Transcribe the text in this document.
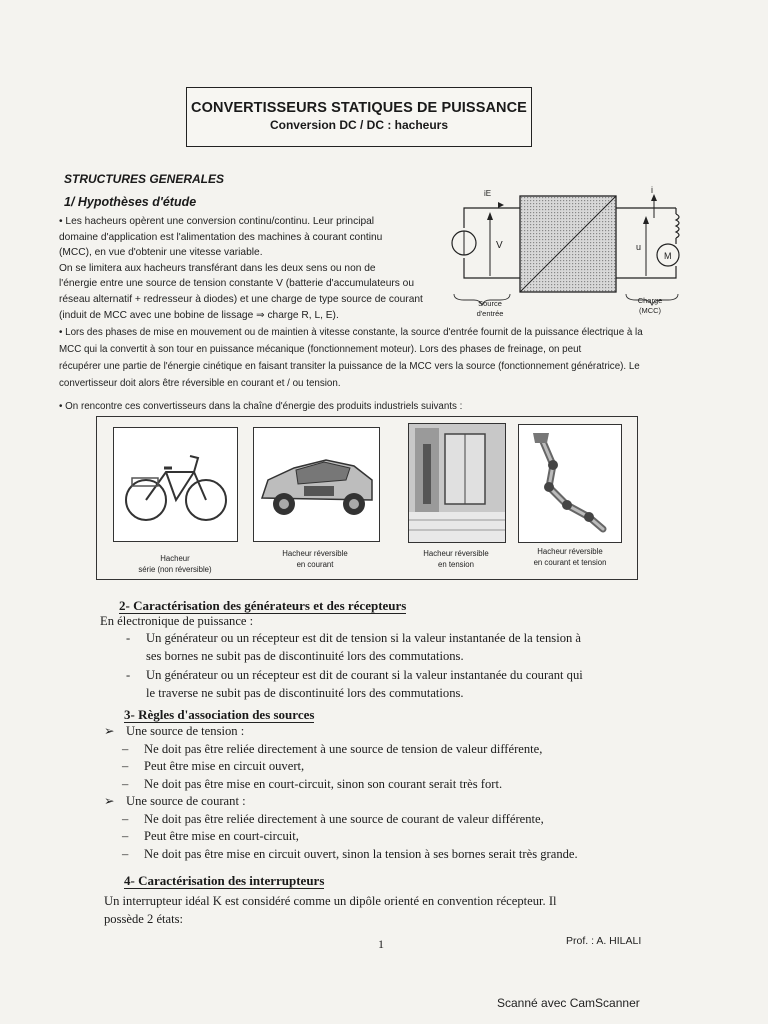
CONVERTISSEURS STATIQUES DE PUISSANCE
Conversion DC / DC : hacheurs
STRUCTURES GENERALES
1/ Hypothèses d'étude
• Les hacheurs opèrent une conversion continu/continu. Leur principal
domaine d'application est l'alimentation des machines à courant continu
(MCC), en vue d'obtenir une vitesse variable.
On se limitera aux hacheurs transférant dans les deux sens ou non de
l'énergie entre une source de tension constante V (batterie d'accumulateurs ou
réseau alternatif + redresseur à diodes) et une charge de type source de courant
(induit de MCC avec une bobine de lissage ⇒ charge R, L, E).
iE	i
V	u
M
Source
d'entrée
Charge
(MCC)
• Lors des phases de mise en mouvement ou de maintien à vitesse constante, la source d'entrée fournit de la puissance électrique à la
MCC qui la convertit à son tour en puissance mécanique (fonctionnement moteur). Lors des phases de freinage, on peut
récupérer une partie de l'énergie cinétique en faisant transiter la puissance de la MCC vers la source (fonctionnement génératrice). Le
convertisseur doit alors être réversible en courant et / ou tension.
• On rencontre ces convertisseurs dans la chaîne d'énergie des produits industriels suivants :
Hacheur
série (non réversible)
Hacheur réversible
en courant
Hacheur réversible
en tension
Hacheur réversible
en courant et tension
2- Caractérisation des générateurs et des récepteurs
En électronique de puissance :
- Un générateur ou un récepteur est dit de tension si la valeur instantanée de la tension à
ses bornes ne subit pas de discontinuité lors des commutations.
- Un générateur ou un récepteur est dit de courant si la valeur instantanée du courant qui
le traverse ne subit pas de discontinuité lors des commutations.
3- Règles d'association des sources
➢ Une source de tension :
– Ne doit pas être reliée directement à une source de tension de valeur différente,
– Peut être mise en circuit ouvert,
– Ne doit pas être mise en court-circuit, sinon son courant serait très fort.
➢ Une source de courant :
– Ne doit pas être reliée directement à une source de courant de valeur différente,
– Peut être mise en court-circuit,
– Ne doit pas être mise en circuit ouvert, sinon la tension à ses bornes serait très grande.
4- Caractérisation des interrupteurs
Un interrupteur idéal K est considéré comme un dipôle orienté en convention récepteur. Il
possède 2 états:
1	Prof. : A. HILALI
Scanné avec CamScanner
